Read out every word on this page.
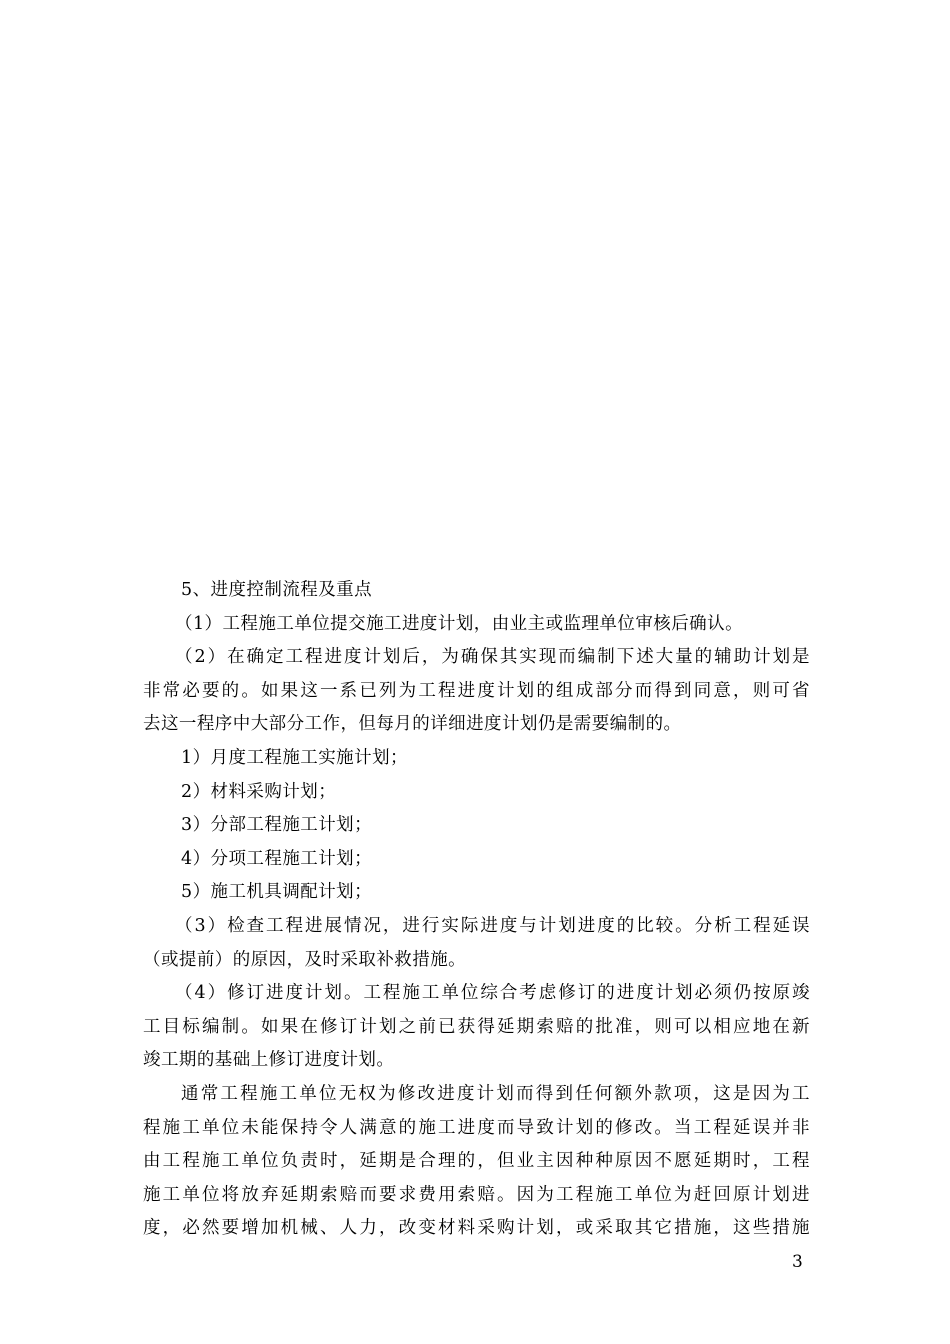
5、进度控制流程及重点

（1）工程施工单位提交施工进度计划，由业主或监理单位审核后确认。

（2）在确定工程进度计划后，为确保其实现而编制下述大量的辅助计划是
非常必要的。如果这一系已列为工程进度计划的组成部分而得到同意，则可省
去这一程序中大部分工作，但每月的详细进度计划仍是需要编制的。

1）月度工程施工实施计划；

2）材料采购计划；

3）分部工程施工计划；

4）分项工程施工计划；

5）施工机具调配计划；

（3）检查工程进展情况，进行实际进度与计划进度的比较。分析工程延误
（或提前）的原因，及时采取补救措施。

（4）修订进度计划。工程施工单位综合考虑修订的进度计划必须仍按原竣
工目标编制。如果在修订计划之前已获得延期索赔的批准，则可以相应地在新
竣工期的基础上修订进度计划。

通常工程施工单位无权为修改进度计划而得到任何额外款项，这是因为工
程施工单位未能保持令人满意的施工进度而导致计划的修改。当工程延误并非
由工程施工单位负责时，延期是合理的，但业主因种种原因不愿延期时，工程
施工单位将放弃延期索赔而要求费用索赔。因为工程施工单位为赶回原计划进
度，必然要增加机械、人力，改变材料采购计划，或采取其它措施，这些措施

3
